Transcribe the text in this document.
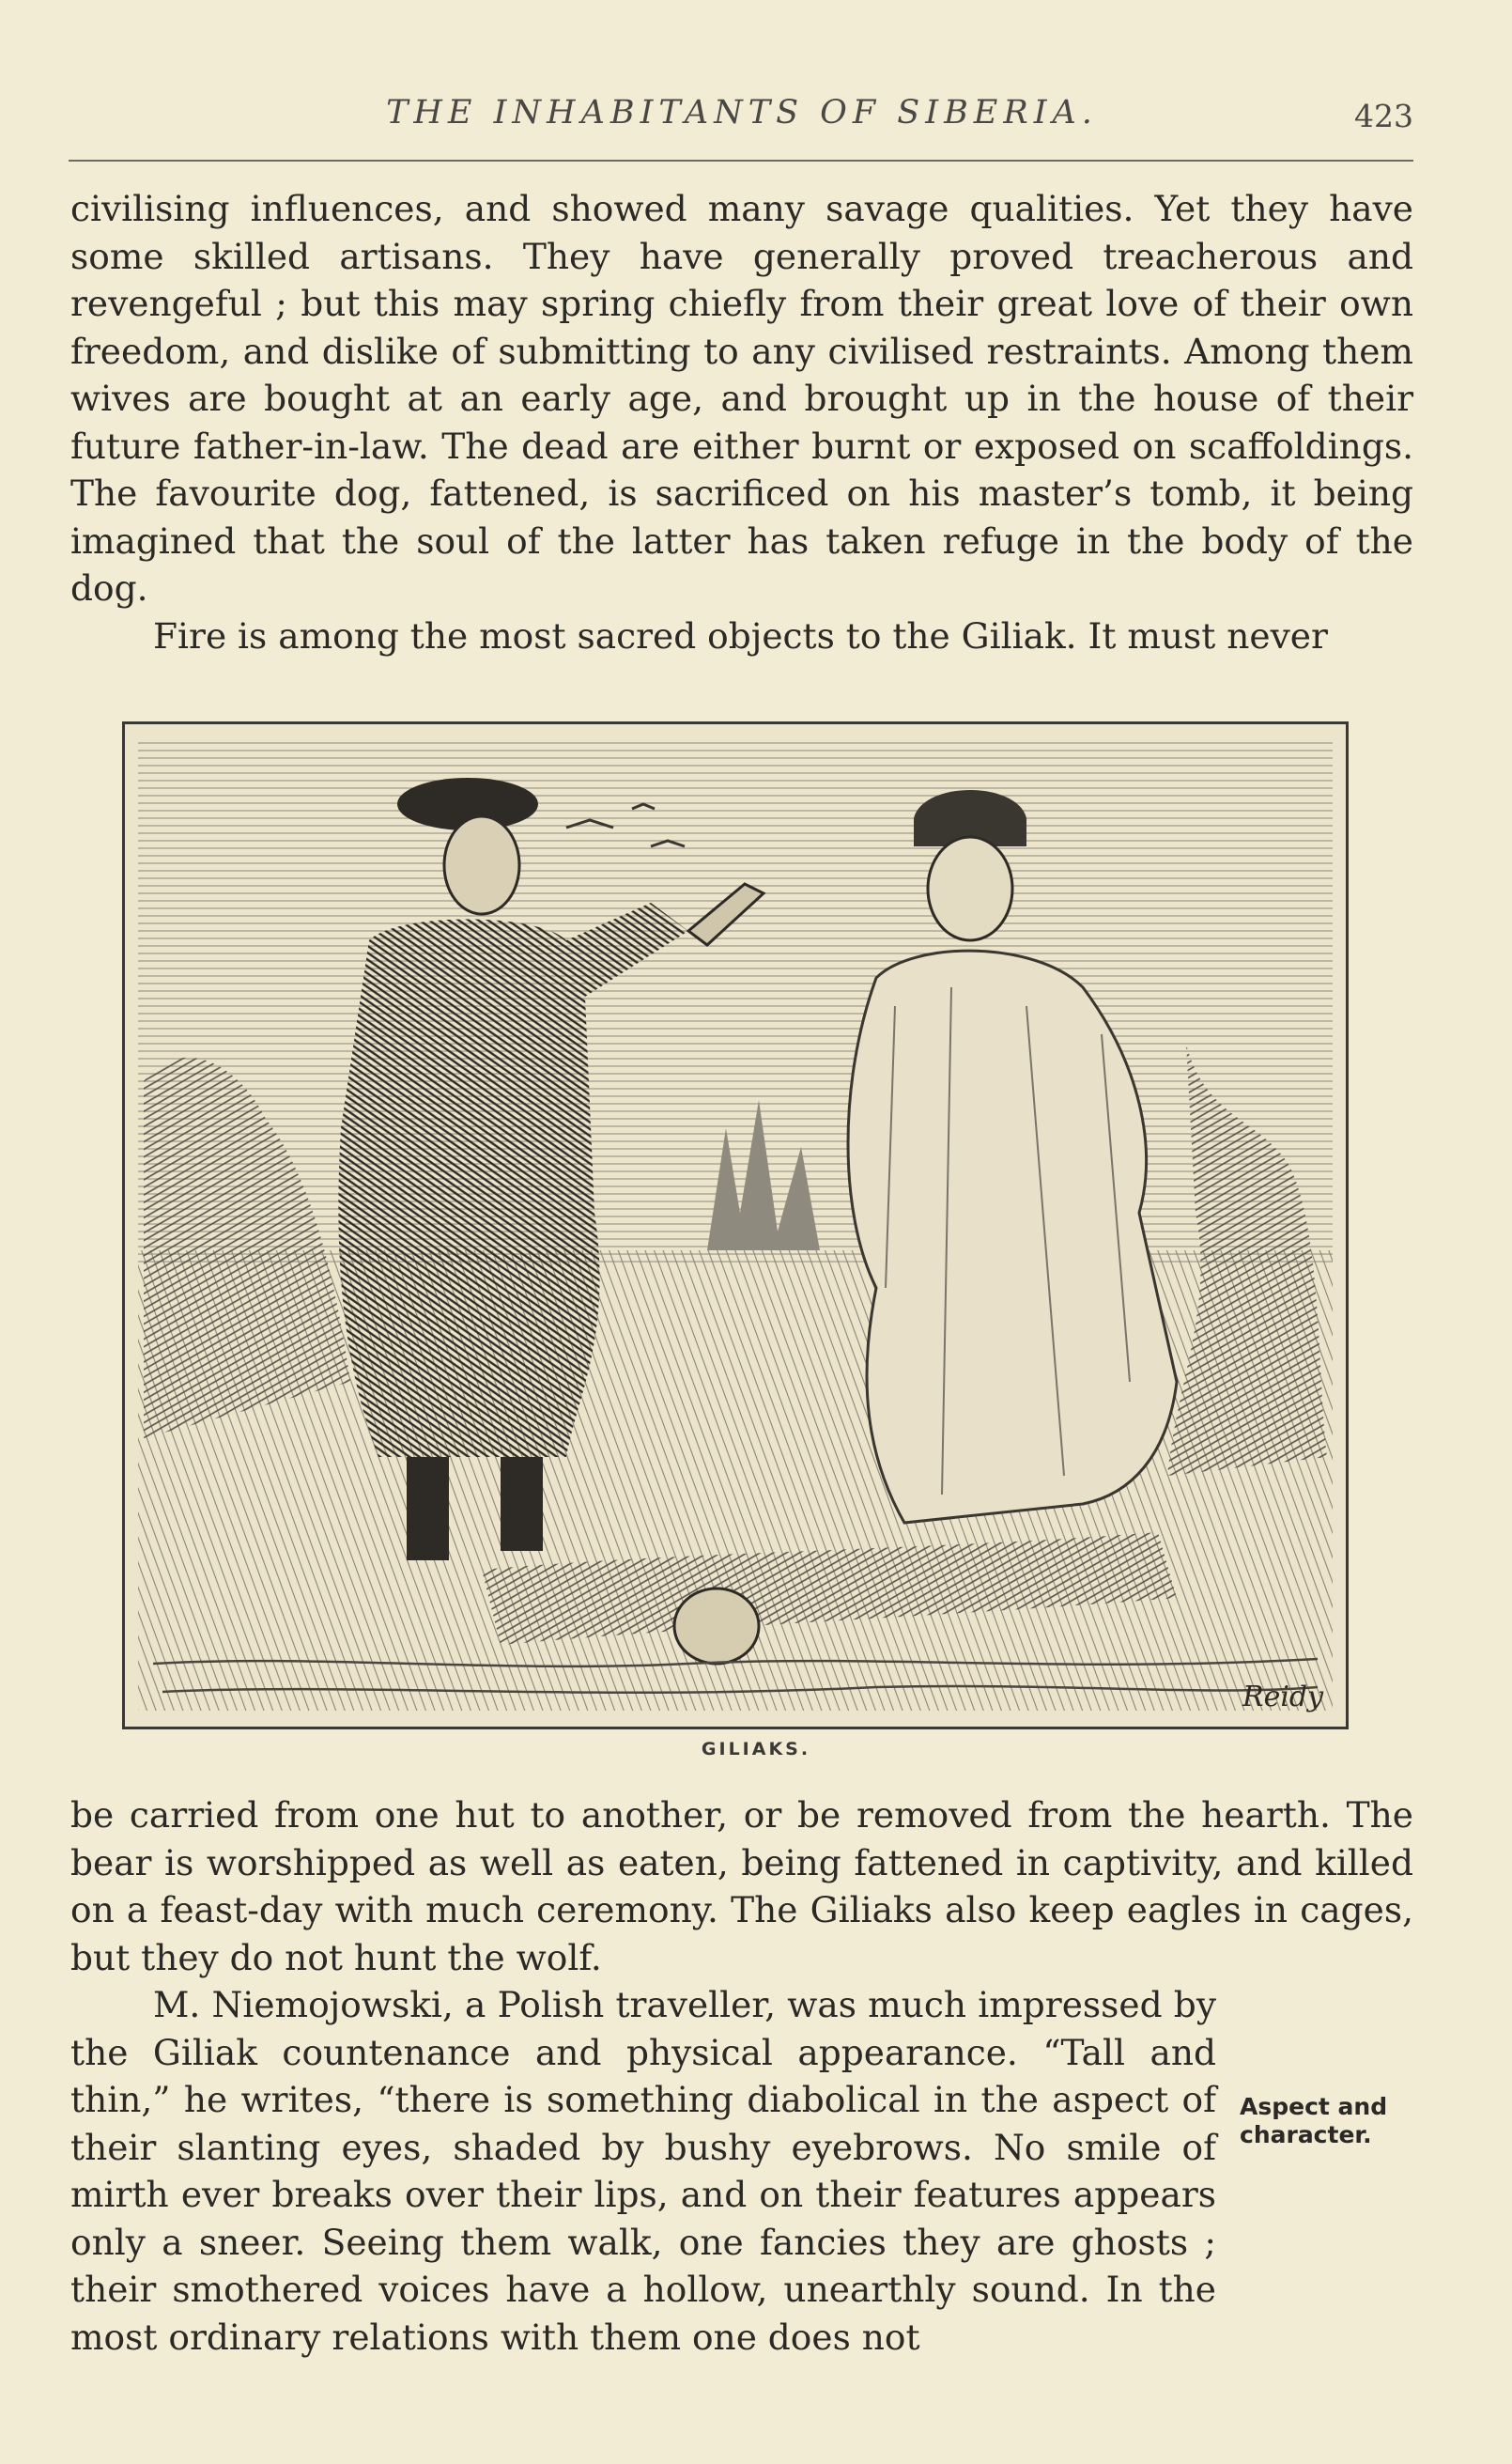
THE INHABITANTS OF SIBERIA.	423

civilising influences, and showed many savage qualities. Yet they have some skilled artisans. They have generally proved treacherous and revengeful ; but this may spring chiefly from their great love of their own freedom, and dislike of submitting to any civilised restraints. Among them wives are bought at an early age, and brought up in the house of their future father-in-law. The dead are either burnt or exposed on scaffoldings. The favourite dog, fattened, is sacrificed on his master’s tomb, it being imagined that the soul of the latter has taken refuge in the body of the dog.

Fire is among the most sacred objects to the Giliak. It must never

Reidy
GILIAKS.

be carried from one hut to another, or be removed from the hearth. The bear is worshipped as well as eaten, being fattened in captivity, and killed on a feast-day with much ceremony. The Giliaks also keep eagles in cages, but they do not hunt the wolf.

M. Niemojowski, a Polish traveller, was much impressed by the Giliak countenance and physical appearance. “Tall and thin,” he writes, “there is something diabolical in the aspect of their slanting eyes, shaded by bushy eyebrows. No smile of mirth ever breaks over their lips, and on their features appears only a sneer. Seeing them walk, one fancies they are ghosts ; their smothered voices have a hollow, unearthly sound. In the most ordinary relations with them one does not

Aspect and
character.
